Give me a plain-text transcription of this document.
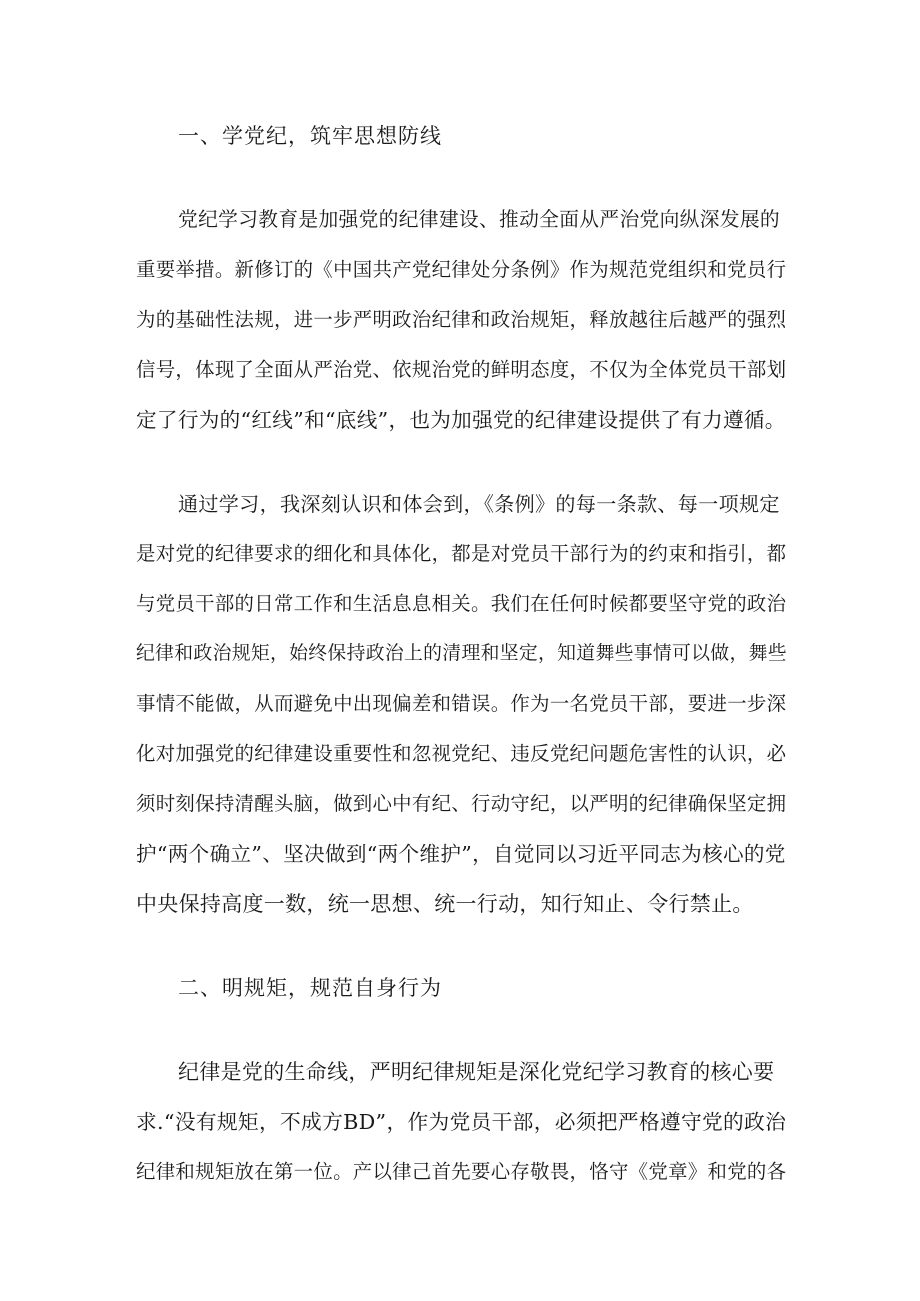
一、学党纪，筑牢思想防线
党纪学习教育是加强党的纪律建设、推动全面从严治党向纵深发展的
重要举措。新修订的《中国共产党纪律处分条例》作为规范党组织和党员行
为的基础性法规，进一步严明政治纪律和政治规矩，释放越往后越严的强烈
信号，体现了全面从严治党、依规治党的鲜明态度，不仅为全体党员干部划
定了行为的“红线”和“底线”，也为加强党的纪律建设提供了有力遵循。
通过学习，我深刻认识和体会到，《条例》的每一条款、每一项规定
是对党的纪律要求的细化和具体化，都是对党员干部行为的约束和指引，都
与党员干部的日常工作和生活息息相关。我们在任何时候都要坚守党的政治
纪律和政治规矩，始终保持政治上的清理和坚定，知道舞些事情可以做，舞些
事情不能做，从而避免中出现偏差和错误。作为一名党员干部，要进一步深
化对加强党的纪律建设重要性和忽视党纪、违反党纪问题危害性的认识，必
须时刻保持清醒头脑，做到心中有纪、行动守纪，以严明的纪律确保坚定拥
护“两个确立”、坚决做到“两个维护”，自觉同以习近平同志为核心的党
中央保持高度一数，统一思想、统一行动，知行知止、令行禁止。
二、明规矩，规范自身行为
纪律是党的生命线，严明纪律规矩是深化党纪学习教育的核心要
求.“没有规矩，不成方BD”，作为党员干部，必须把严格遵守党的政治
纪律和规矩放在第一位。产以律己首先要心存敬畏，恪守《党章》和党的各
